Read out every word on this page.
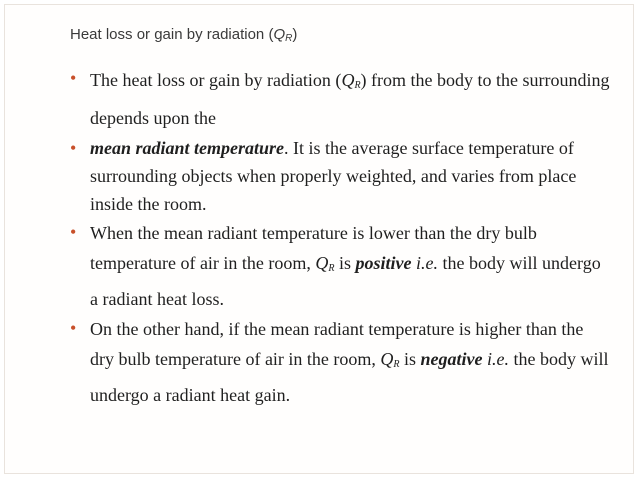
Heat loss or gain by radiation $(Q_R)$
• The heat loss or gain by radiation $(Q_R)$ from the body to the surrounding depends upon the
• mean radiant temperature. It is the average surface temperature of surrounding objects when properly weighted, and varies from place inside the room.
• When the mean radiant temperature is lower than the dry bulb temperature of air in the room, $Q_R$ is positive i.e. the body will undergo a radiant heat loss.
• On the other hand, if the mean radiant temperature is higher than the dry bulb temperature of air in the room, $Q_R$ is negative i.e. the body will undergo a radiant heat gain.
